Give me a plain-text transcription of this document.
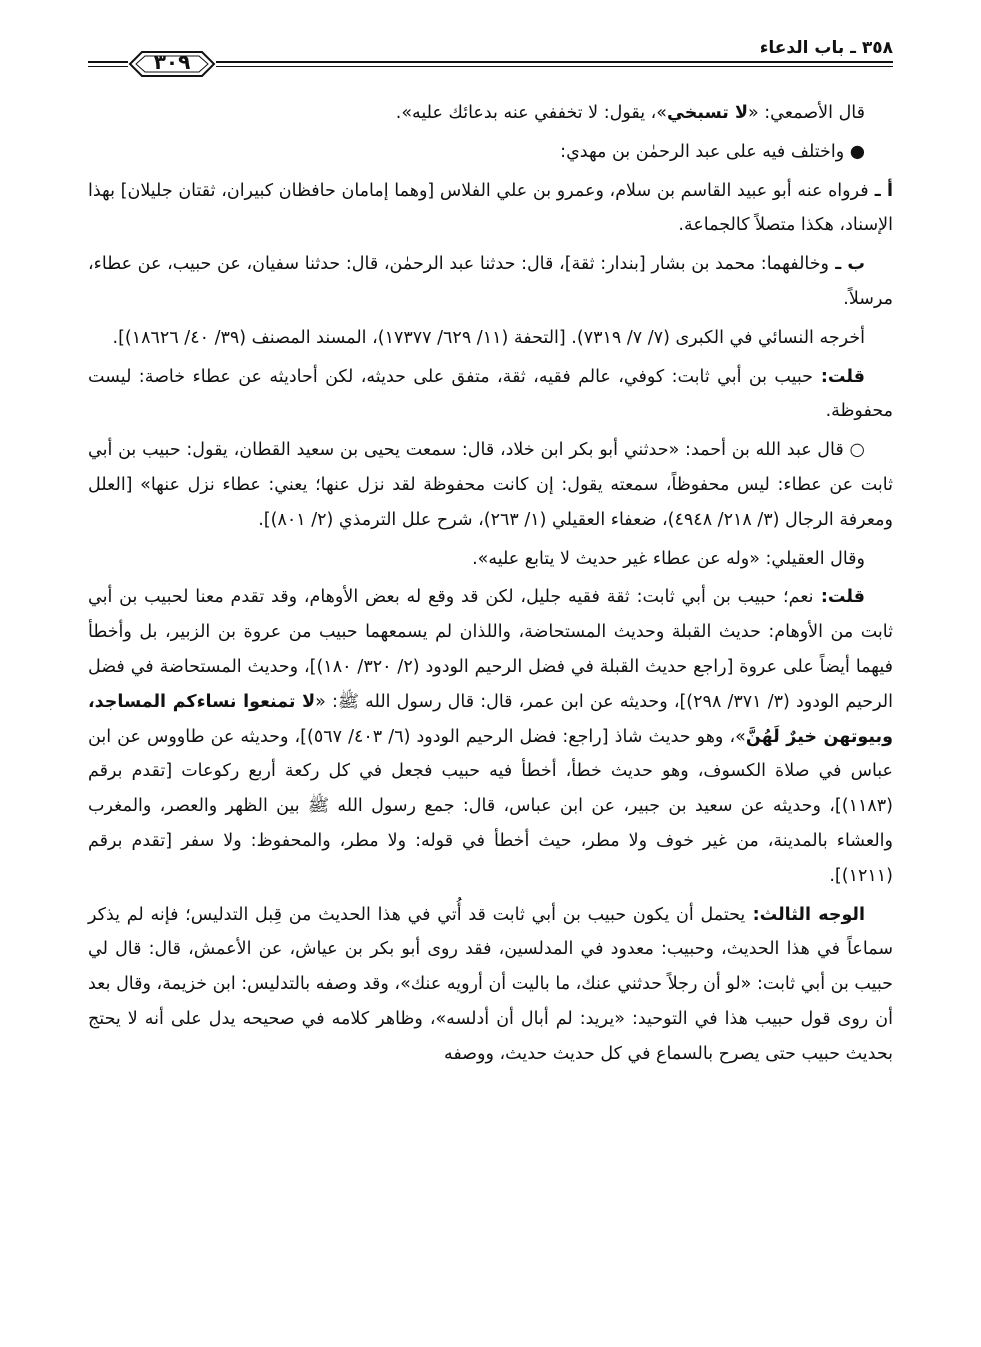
٣٥٨ ـ باب الدعاء
٣٠٩

قال الأصمعي: «لا تسبخي»، يقول: لا تخففي عنه بدعائك عليه».

● واختلف فيه على عبد الرحمٰن بن مهدي:

أ ـ فرواه عنه أبو عبيد القاسم بن سلام، وعمرو بن علي الفلاس [وهما إمامان حافظان كبيران، ثقتان جليلان] بهذا الإسناد، هكذا متصلاً كالجماعة.

ب ـ وخالفهما: محمد بن بشار [بندار: ثقة]، قال: حدثنا عبد الرحمٰن، قال: حدثنا سفيان، عن حبيب، عن عطاء، مرسلاً.

أخرجه النسائي في الكبرى (٧/ ٧/ ٧٣١٩). [التحفة (١١/ ٦٢٩/ ١٧٣٧٧)، المسند المصنف (٣٩/ ٤٠/ ١٨٦٢٦)].

قلت: حبيب بن أبي ثابت: كوفي، عالم فقيه، ثقة، متفق على حديثه، لكن أحاديثه عن عطاء خاصة: ليست محفوظة.

○ قال عبد الله بن أحمد: «حدثني أبو بكر ابن خلاد، قال: سمعت يحيى بن سعيد القطان، يقول: حبيب بن أبي ثابت عن عطاء: ليس محفوظاً، سمعته يقول: إن كانت محفوظة لقد نزل عنها؛ يعني: عطاء نزل عنها» [العلل ومعرفة الرجال (٣/ ٢١٨/ ٤٩٤٨)، ضعفاء العقيلي (١/ ٢٦٣)، شرح علل الترمذي (٢/ ٨٠١)].

وقال العقيلي: «وله عن عطاء غير حديث لا يتابع عليه».

قلت: نعم؛ حبيب بن أبي ثابت: ثقة فقيه جليل، لكن قد وقع له بعض الأوهام، وقد تقدم معنا لحبيب بن أبي ثابت من الأوهام: حديث القبلة وحديث المستحاضة، واللذان لم يسمعهما حبيب من عروة بن الزبير، بل وأخطأ فيهما أيضاً على عروة [راجع حديث القبلة في فضل الرحيم الودود (٢/ ٣٢٠/ ١٨٠)]، وحديث المستحاضة في فضل الرحيم الودود (٣/ ٣٧١/ ٢٩٨)]، وحديثه عن ابن عمر، قال: قال رسول الله ﷺ: «لا تمنعوا نساءكم المساجد، وبيوتهن خيرٌ لَهُنَّ»، وهو حديث شاذ [راجع: فضل الرحيم الودود (٦/ ٤٠٣/ ٥٦٧)]، وحديثه عن طاووس عن ابن عباس في صلاة الكسوف، وهو حديث خطأ، أخطأ فيه حبيب فجعل في كل ركعة أربع ركوعات [تقدم برقم (١١٨٣)]، وحديثه عن سعيد بن جبير، عن ابن عباس، قال: جمع رسول الله ﷺ بين الظهر والعصر، والمغرب والعشاء بالمدينة، من غير خوف ولا مطر، حيث أخطأ في قوله: ولا مطر، والمحفوظ: ولا سفر [تقدم برقم (١٢١١)].

الوجه الثالث: يحتمل أن يكون حبيب بن أبي ثابت قد أُتي في هذا الحديث من قِبل التدليس؛ فإنه لم يذكر سماعاً في هذا الحديث، وحبيب: معدود في المدلسين، فقد روى أبو بكر بن عياش، عن الأعمش، قال: قال لي حبيب بن أبي ثابت: «لو أن رجلاً حدثني عنك، ما باليت أن أرويه عنك»، وقد وصفه بالتدليس: ابن خزيمة، وقال بعد أن روى قول حبيب هذا في التوحيد: «يريد: لم أبال أن أدلسه»، وظاهر كلامه في صحيحه يدل على أنه لا يحتج بحديث حبيب حتى يصرح بالسماع في كل حديث حديث، ووصفه
